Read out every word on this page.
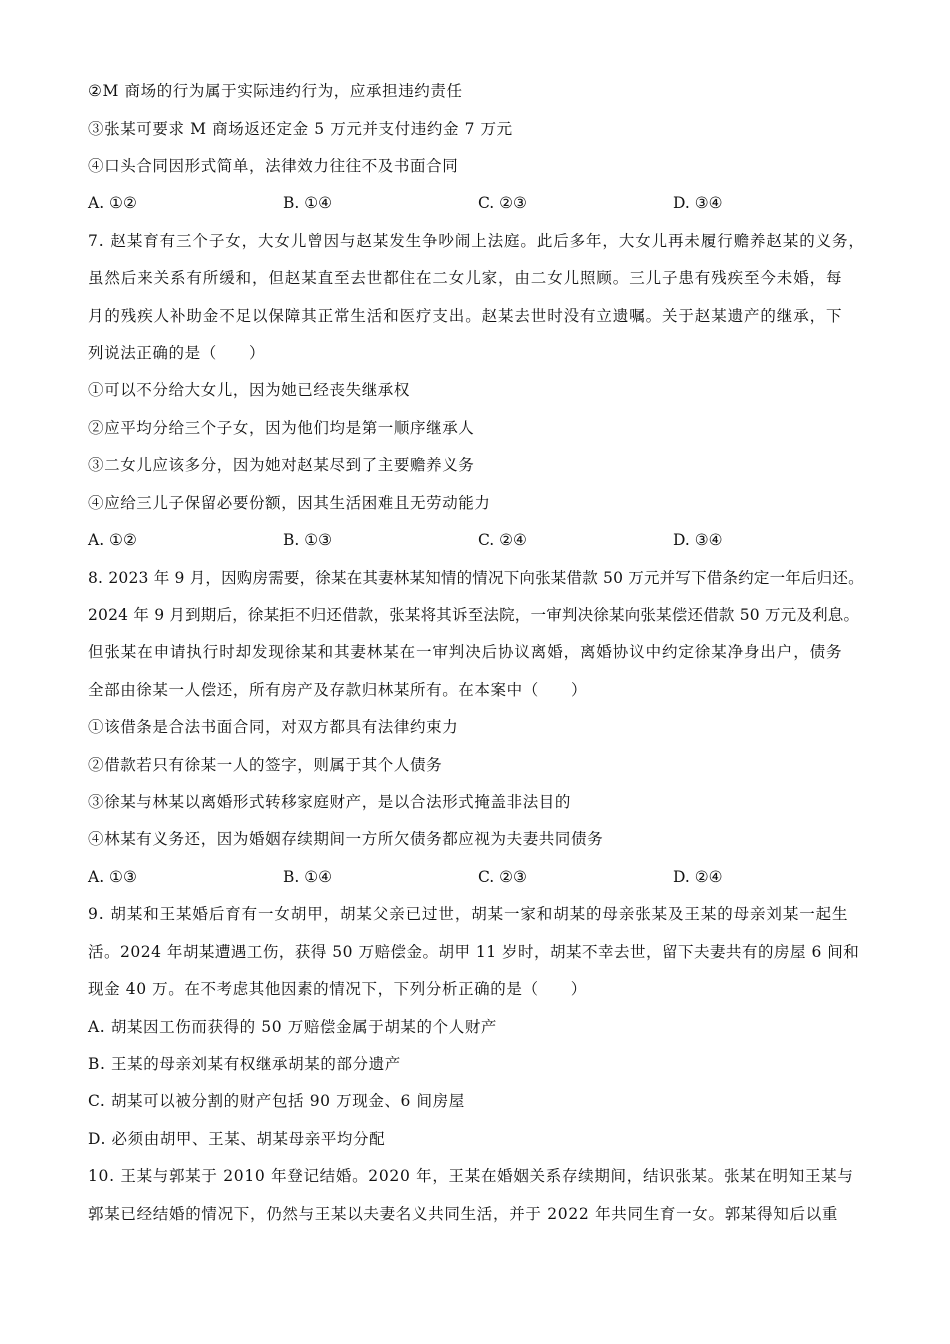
②M 商场的行为属于实际违约行为，应承担违约责任
③张某可要求 M 商场返还定金 5 万元并支付违约金 7 万元
④口头合同因形式简单，法律效力往往不及书面合同
A. ①②	B. ①④	C. ②③	D. ③④
7. 赵某育有三个子女，大女儿曾因与赵某发生争吵闹上法庭。此后多年，大女儿再未履行赡养赵某的义务，
虽然后来关系有所缓和，但赵某直至去世都住在二女儿家，由二女儿照顾。三儿子患有残疾至今未婚，每
月的残疾人补助金不足以保障其正常生活和医疗支出。赵某去世时没有立遗嘱。关于赵某遗产的继承，下
列说法正确的是（　　）
①可以不分给大女儿，因为她已经丧失继承权
②应平均分给三个子女，因为他们均是第一顺序继承人
③二女儿应该多分，因为她对赵某尽到了主要赡养义务
④应给三儿子保留必要份额，因其生活困难且无劳动能力
A. ①②	B. ①③	C. ②④	D. ③④
8. 2023 年 9 月，因购房需要，徐某在其妻林某知情的情况下向张某借款 50 万元并写下借条约定一年后归还。
2024 年 9 月到期后，徐某拒不归还借款，张某将其诉至法院，一审判决徐某向张某偿还借款 50 万元及利息。
但张某在申请执行时却发现徐某和其妻林某在一审判决后协议离婚，离婚协议中约定徐某净身出户，债务
全部由徐某一人偿还，所有房产及存款归林某所有。在本案中（　　）
①该借条是合法书面合同，对双方都具有法律约束力
②借款若只有徐某一人的签字，则属于其个人债务
③徐某与林某以离婚形式转移家庭财产，是以合法形式掩盖非法目的
④林某有义务还，因为婚姻存续期间一方所欠债务都应视为夫妻共同债务
A. ①③	B. ①④	C. ②③	D. ②④
9. 胡某和王某婚后育有一女胡甲，胡某父亲已过世，胡某一家和胡某的母亲张某及王某的母亲刘某一起生
活。2024 年胡某遭遇工伤，获得 50 万赔偿金。胡甲 11 岁时，胡某不幸去世，留下夫妻共有的房屋 6 间和
现金 40 万。在不考虑其他因素的情况下，下列分析正确的是（　　）
A. 胡某因工伤而获得的 50 万赔偿金属于胡某的个人财产
B. 王某的母亲刘某有权继承胡某的部分遗产
C. 胡某可以被分割的财产包括 90 万现金、6 间房屋
D. 必须由胡甲、王某、胡某母亲平均分配
10. 王某与郭某于 2010 年登记结婚。2020 年，王某在婚姻关系存续期间，结识张某。张某在明知王某与
郭某已经结婚的情况下，仍然与王某以夫妻名义共同生活，并于 2022 年共同生育一女。郭某得知后以重
